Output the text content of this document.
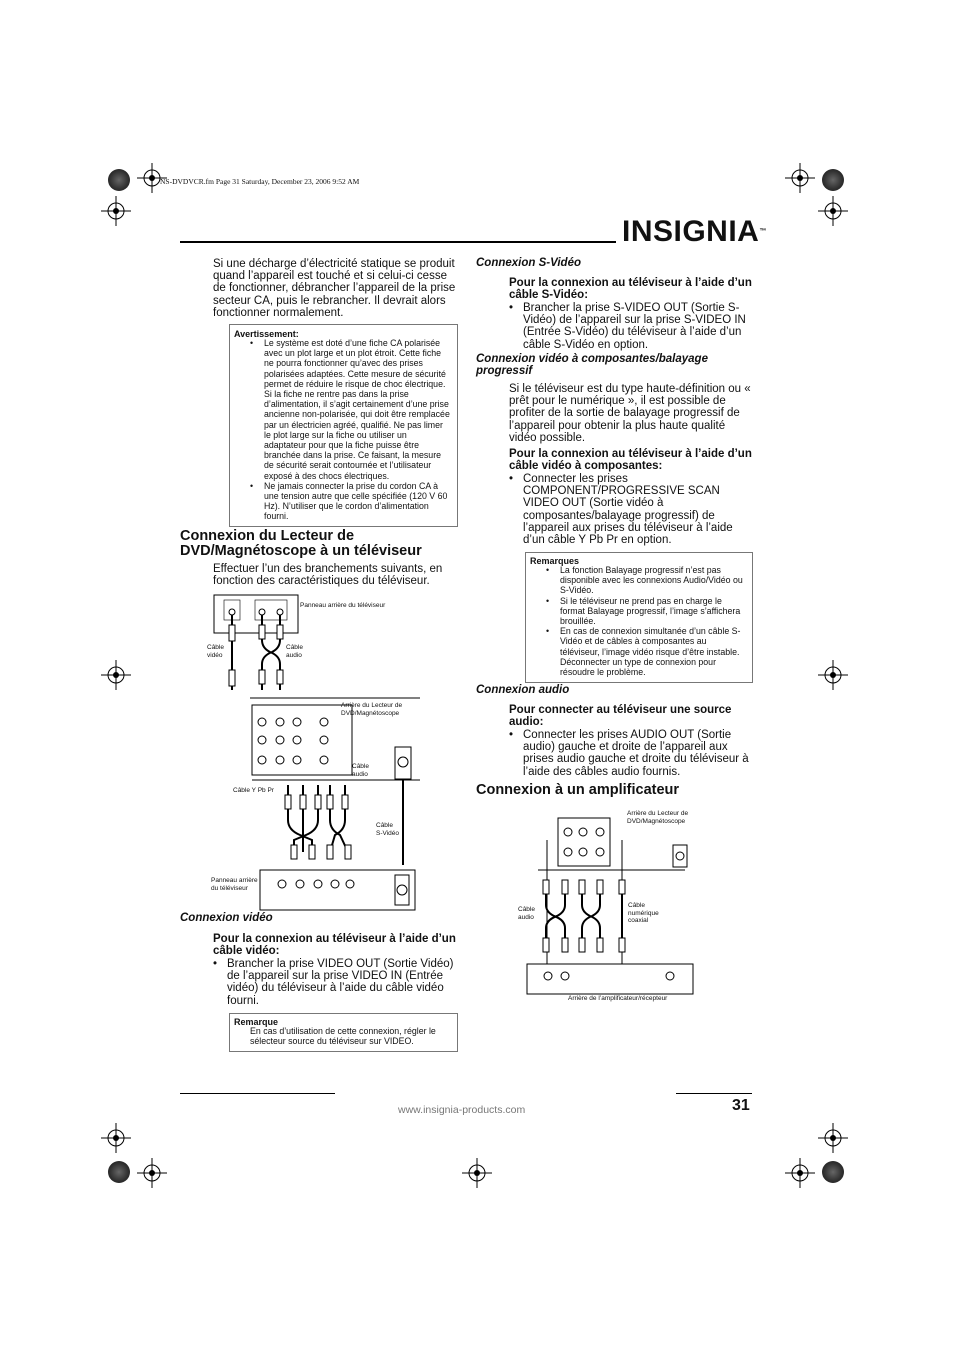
NS-DVDVCR.fm Page 31 Saturday, December 23, 2006 9:52 AM
INSIGNIA™
Si une décharge d’électricité statique se produit quand l’appareil est touché et si celui-ci cesse de fonctionner, débrancher l’appareil de la prise secteur CA, puis le rebrancher. Il devrait alors fonctionner normalement.
Avertissement:
• Le système est doté d’une fiche CA polarisée avec un plot large et un plot étroit. Cette fiche ne pourra fonctionner qu’avec des prises polarisées adaptées. Cette mesure de sécurité permet de réduire le risque de choc électrique. Si la fiche ne rentre pas dans la prise d’alimentation, il s’agit certainement d’une prise ancienne non-polarisée, qui doit être remplacée par un électricien agréé, qualifié. Ne pas limer le plot large sur la fiche ou utiliser un adaptateur pour que la fiche puisse être branchée dans la prise. Ce faisant, la mesure de sécurité serait contournée et l’utilisateur exposé à des chocs électriques.
• Ne jamais connecter la prise du cordon CA à une tension autre que celle spécifiée (120 V 60 Hz). N’utiliser que le cordon d’alimentation fourni.
Connexion du Lecteur de DVD/Magnétoscope à un téléviseur
Effectuer l’un des branchements suivants, en fonction des caractéristiques du téléviseur.
Panneau arrière du téléviseur
Câble
vidéo
Câble
audio
Arrière du Lecteur de
DVD/Magnétoscope
Câble
audio
Câble Y Pb Pr
Câble
S-Vidéo
Panneau arrière
du téléviseur
Connexion vidéo
Pour la connexion au téléviseur à l’aide d’un câble vidéo:
• Brancher la prise VIDEO OUT (Sortie Vidéo) de l’appareil sur la prise VIDEO IN (Entrée vidéo) du téléviseur à l’aide du câble vidéo fourni.
Remarque
En cas d’utilisation de cette connexion, régler le sélecteur source du téléviseur sur VIDEO.
Connexion S-Vidéo
Pour la connexion au téléviseur à l’aide d’un câble S-Vidéo:
• Brancher la prise S-VIDEO OUT (Sortie S-Vidéo) de l’appareil sur la prise S-VIDEO IN (Entrée S-Vidéo) du téléviseur à l’aide d’un câble S-Vidéo en option.
Connexion vidéo à composantes/balayage progressif
Si le téléviseur est du type haute-définition ou « prêt pour le numérique », il est possible de profiter de la sortie de balayage progressif de l’appareil pour obtenir la plus haute qualité vidéo possible.
Pour la connexion au téléviseur à l’aide d’un câble vidéo à composantes:
• Connecter les prises COMPONENT/PROGRESSIVE SCAN VIDEO OUT (Sortie vidéo à composantes/balayage progressif) de l’appareil aux prises du téléviseur à l’aide d’un câble Y Pb Pr en option.
Remarques
• La fonction Balayage progressif n’est pas disponible avec les connexions Audio/Vidéo ou S-Vidéo.
• Si le téléviseur ne prend pas en charge le format Balayage progressif, l’image s’affichera brouillée.
• En cas de connexion simultanée d’un câble S-Vidéo et de câbles à composantes au téléviseur, l’image vidéo risque d’être instable. Déconnecter un type de connexion pour résoudre le problème.
Connexion audio
Pour connecter au téléviseur une source audio:
• Connecter les prises AUDIO OUT (Sortie audio) gauche et droite de l’appareil aux prises audio gauche et droite du téléviseur à l’aide des câbles audio fournis.
Connexion à un amplificateur
Arrière du Lecteur de
DVD/Magnétoscope
Câble
audio
Câble
numérique
coaxial
Arrière de l’amplificateur/récepteur
www.insignia-products.com	31
